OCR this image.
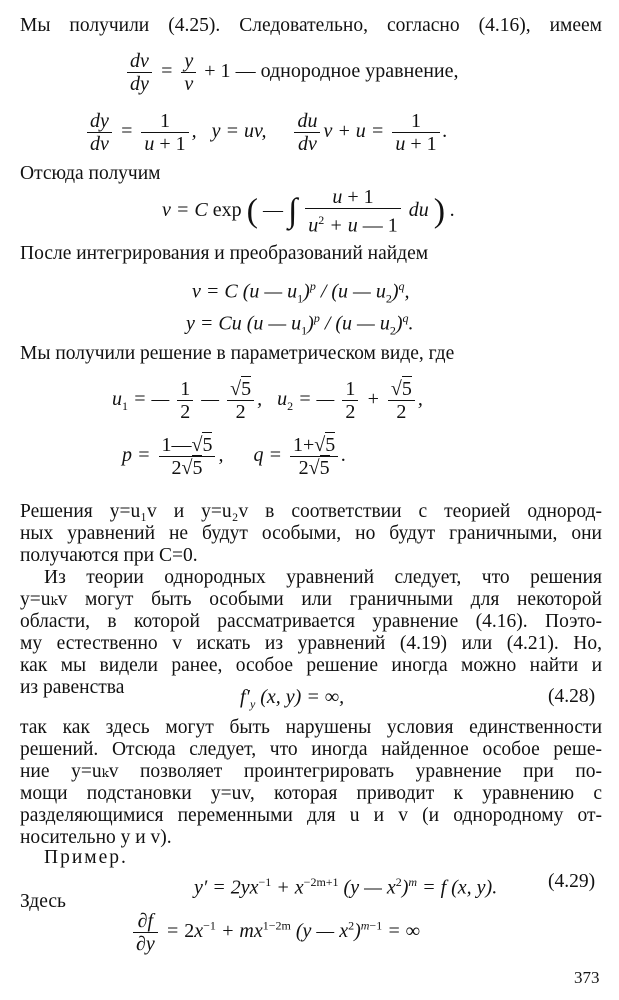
Мы получили (4.25). Следовательно, согласно (4.16), имеем
$\frac{dv}{dy} = \frac{y}{v} + 1$ — однородное уравнение,
$\frac{dy}{dv} = \frac{1}{u + 1}$ ,   y = uv, $\frac{du}{dv}$ $v + u = \frac{1}{u + 1}$ .
Отсюда получим
v = C exp ( — ∫ $\frac{u + 1}{u^2 + u — 1}$ du ) .
После интегрирования и преобразований найдем
v = C (u — $u_1)^p / (u$ — $u_2)^q$,
y = Cu (u — $u_1)^p / (u$ — $u_2)^q$.
Мы получили решение в параметрическом виде, где
$u_1$ = — $\frac{1}{2}$ — $\frac{√5}{2}$ ,   $u_2$ = — $\frac{1}{2} + \frac{√5}{2}$ ,
$p = \frac{1—√5}{2√5}$ ,      $q = \frac{1+√5}{2√5}$ .
Решения y=u₁v и y=u₂v в соответствии с теорией однород-
ных уравнений не будут особыми, но будут граничными, они
получаются при C=0.
Из теории однородных уравнений следует, что решения
y=uₖv могут быть особыми или граничными для некоторой
области, в которой рассматривается уравнение (4.16). Поэто-
му естественно v искать из уравнений (4.19) или (4.21). Но,
как мы видели ранее, особое решение иногда можно найти и
из равенства	$f'_y$ (x, y) = ∞,	(4.28)
так как здесь могут быть нарушены условия единственности
решений. Отсюда следует, что иногда найденное особое реше-
ние y=uₖv позволяет проинтегрировать уравнение при по-
мощи подстановки y=uv, которая приводит к уравнению с
разделяющимися переменными для u и v (и однородному от-
носительно y и v).
Пример.
$y' = 2yx^{-1} + x^{-2m+1}$ (y — $x^2)^m = f$ (x, y).	(4.29)
Здесь
$\frac{\partial f}{\partial y} = 2x^{-1} + mx^{1-2m}$ (y — $x^2)^{m-1}$ = ∞
373
